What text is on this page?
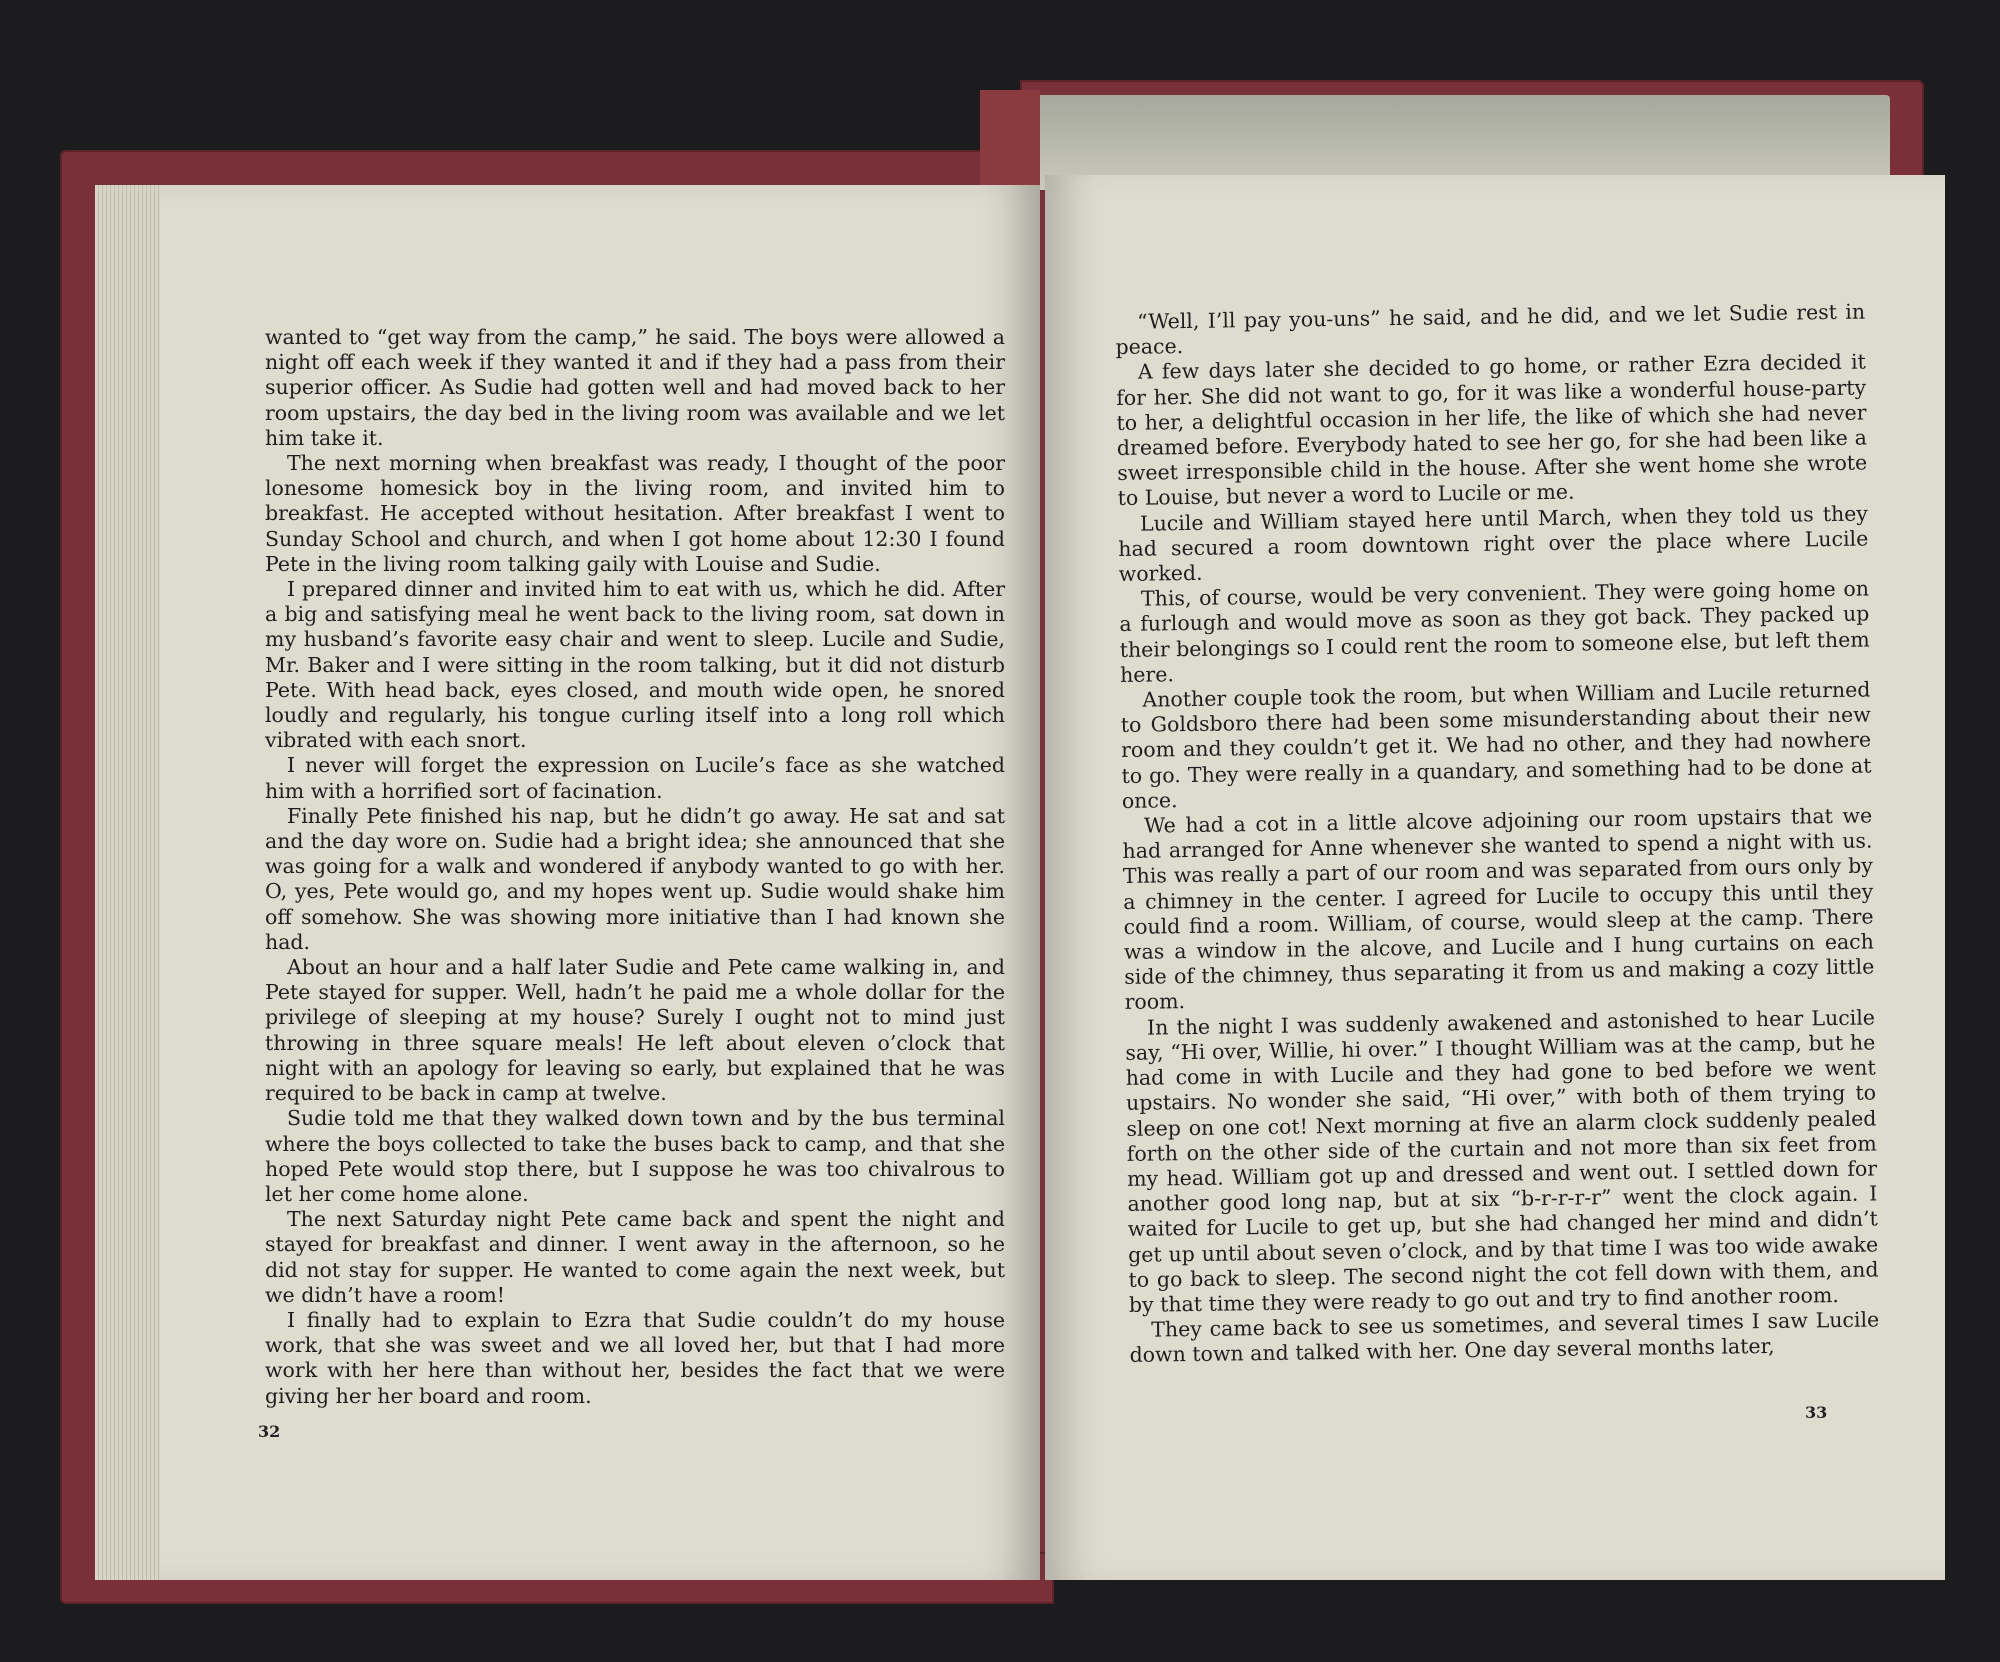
wanted to “get way from the camp,” he said. The boys were allowed a night off each week if they wanted it and if they had a pass from their superior officer. As Sudie had gotten well and had moved back to her room upstairs, the day bed in the living room was available and we let him take it.

The next morning when breakfast was ready, I thought of the poor lonesome homesick boy in the living room, and invited him to breakfast. He accepted without hesitation. After breakfast I went to Sunday School and church, and when I got home about 12:30 I found Pete in the living room talking gaily with Louise and Sudie.

I prepared dinner and invited him to eat with us, which he did. After a big and satisfying meal he went back to the living room, sat down in my husband’s favorite easy chair and went to sleep. Lucile and Sudie, Mr. Baker and I were sitting in the room talking, but it did not disturb Pete. With head back, eyes closed, and mouth wide open, he snored loudly and regularly, his tongue curling itself into a long roll which vibrated with each snort.

I never will forget the expression on Lucile’s face as she watched him with a horrified sort of facination.

Finally Pete finished his nap, but he didn’t go away. He sat and sat and the day wore on. Sudie had a bright idea; she announced that she was going for a walk and wondered if anybody wanted to go with her. O, yes, Pete would go, and my hopes went up. Sudie would shake him off somehow. She was showing more initiative than I had known she had.

About an hour and a half later Sudie and Pete came walking in, and Pete stayed for supper. Well, hadn’t he paid me a whole dollar for the privilege of sleeping at my house? Surely I ought not to mind just throwing in three square meals! He left about eleven o’clock that night with an apology for leaving so early, but explained that he was required to be back in camp at twelve.

Sudie told me that they walked down town and by the bus terminal where the boys collected to take the buses back to camp, and that she hoped Pete would stop there, but I suppose he was too chivalrous to let her come home alone.

The next Saturday night Pete came back and spent the night and stayed for breakfast and dinner. I went away in the afternoon, so he did not stay for supper. He wanted to come again the next week, but we didn’t have a room!

I finally had to explain to Ezra that Sudie couldn’t do my house work, that she was sweet and we all loved her, but that I had more work with her here than without her, besides the fact that we were giving her her board and room.

32

“Well, I’ll pay you-uns” he said, and he did, and we let Sudie rest in peace.

A few days later she decided to go home, or rather Ezra decided it for her. She did not want to go, for it was like a wonderful house-party to her, a delightful occasion in her life, the like of which she had never dreamed before. Everybody hated to see her go, for she had been like a sweet irresponsible child in the house. After she went home she wrote to Louise, but never a word to Lucile or me.

Lucile and William stayed here until March, when they told us they had secured a room downtown right over the place where Lucile worked.

This, of course, would be very convenient. They were going home on a furlough and would move as soon as they got back. They packed up their belongings so I could rent the room to someone else, but left them here.

Another couple took the room, but when William and Lucile returned to Goldsboro there had been some misunderstanding about their new room and they couldn’t get it. We had no other, and they had nowhere to go. They were really in a quandary, and something had to be done at once.

We had a cot in a little alcove adjoining our room upstairs that we had arranged for Anne whenever she wanted to spend a night with us. This was really a part of our room and was separated from ours only by a chimney in the center. I agreed for Lucile to occupy this until they could find a room. William, of course, would sleep at the camp. There was a window in the alcove, and Lucile and I hung curtains on each side of the chimney, thus separating it from us and making a cozy little room.

In the night I was suddenly awakened and astonished to hear Lucile say, “Hi over, Willie, hi over.” I thought William was at the camp, but he had come in with Lucile and they had gone to bed before we went upstairs. No wonder she said, “Hi over,” with both of them trying to sleep on one cot! Next morning at five an alarm clock suddenly pealed forth on the other side of the curtain and not more than six feet from my head. William got up and dressed and went out. I settled down for another good long nap, but at six “b-r-r-r-r” went the clock again. I waited for Lucile to get up, but she had changed her mind and didn’t get up until about seven o’clock, and by that time I was too wide awake to go back to sleep. The second night the cot fell down with them, and by that time they were ready to go out and try to find another room.

They came back to see us sometimes, and several times I saw Lucile down town and talked with her. One day several months later,

33
